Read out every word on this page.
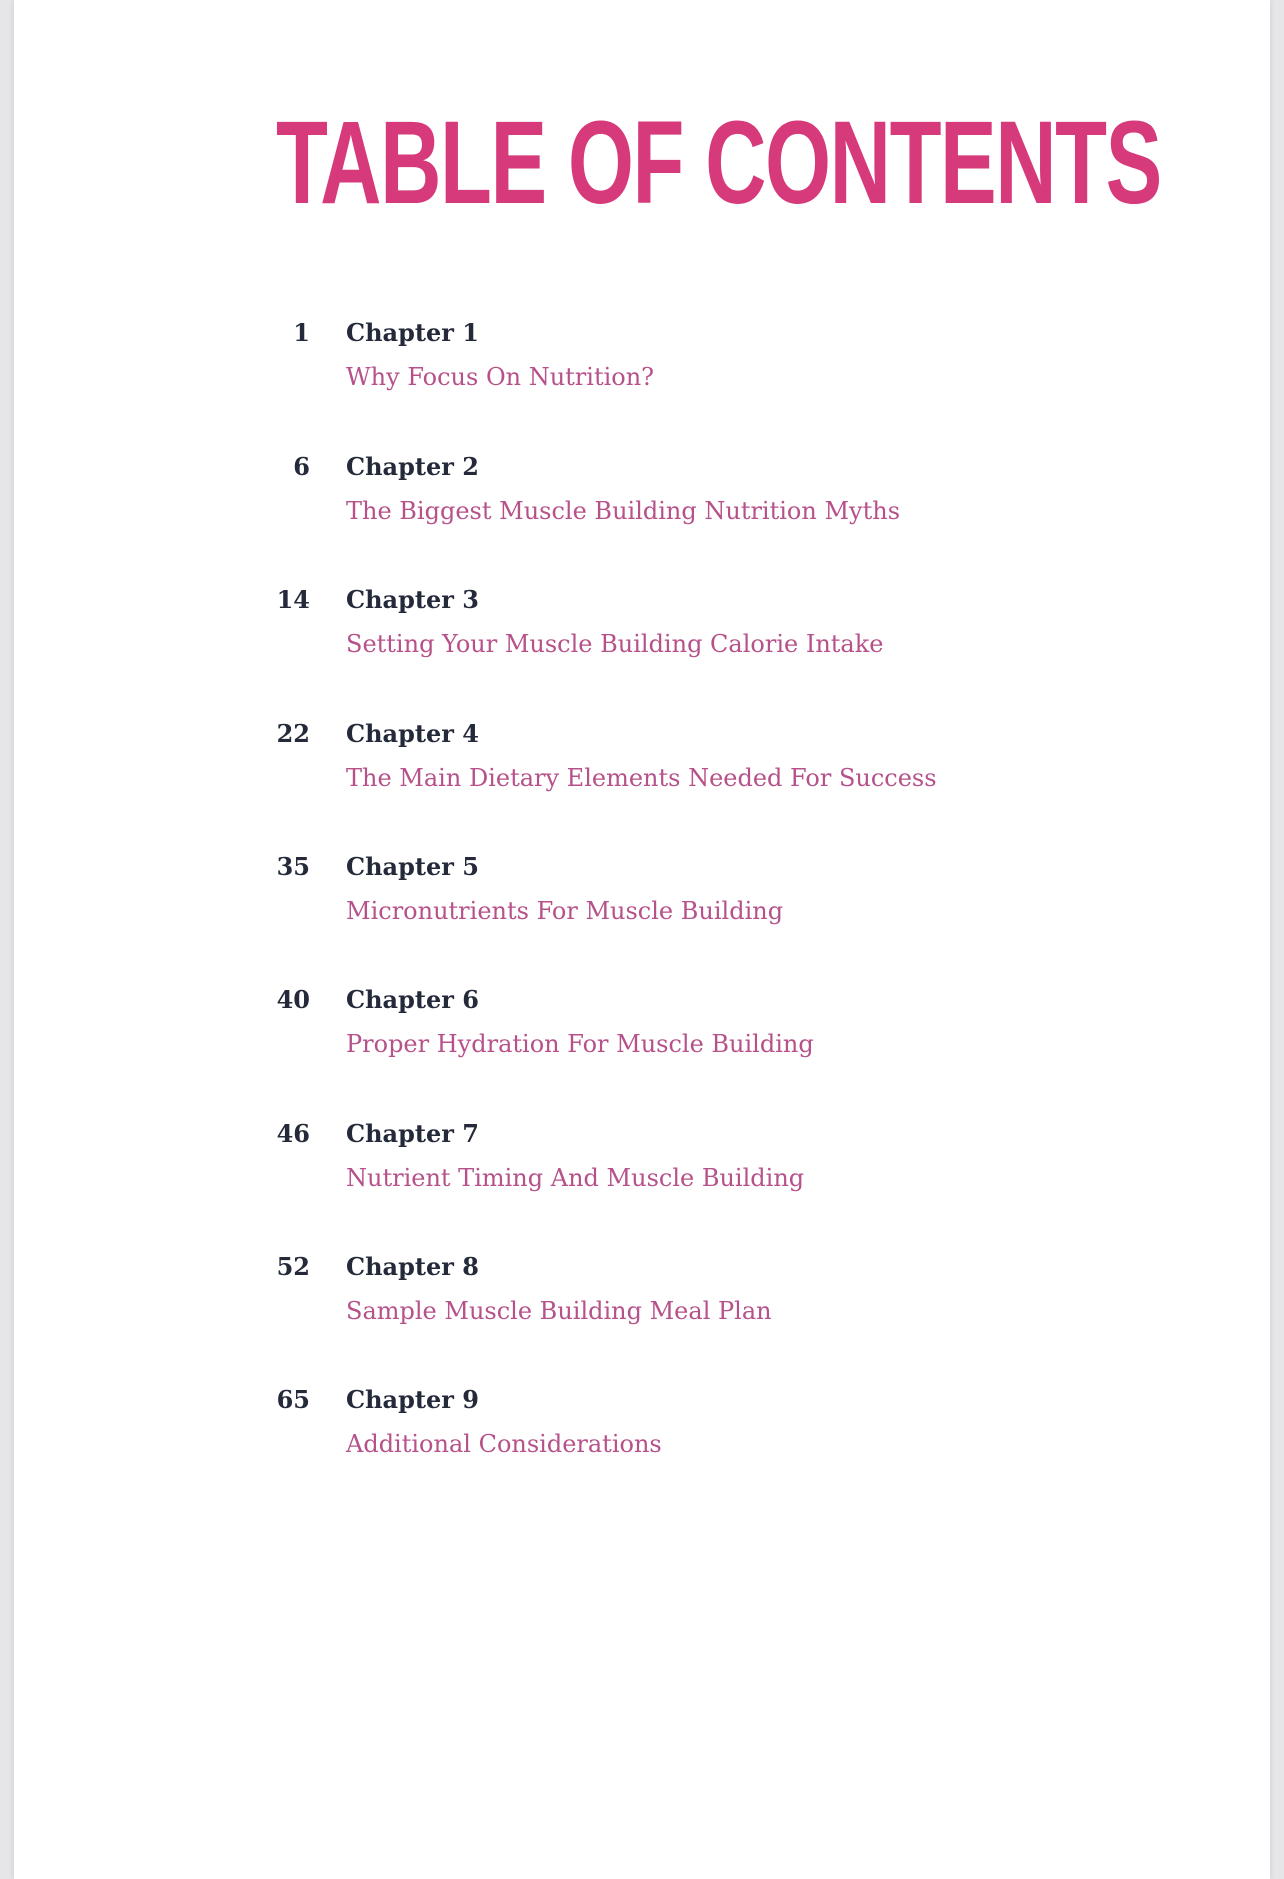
TABLE OF CONTENTS
1 Chapter 1
Why Focus On Nutrition?
6 Chapter 2
The Biggest Muscle Building Nutrition Myths
14 Chapter 3
Setting Your Muscle Building Calorie Intake
22 Chapter 4
The Main Dietary Elements Needed For Success
35 Chapter 5
Micronutrients For Muscle Building
40 Chapter 6
Proper Hydration For Muscle Building
46 Chapter 7
Nutrient Timing And Muscle Building
52 Chapter 8
Sample Muscle Building Meal Plan
65 Chapter 9
Additional Considerations
